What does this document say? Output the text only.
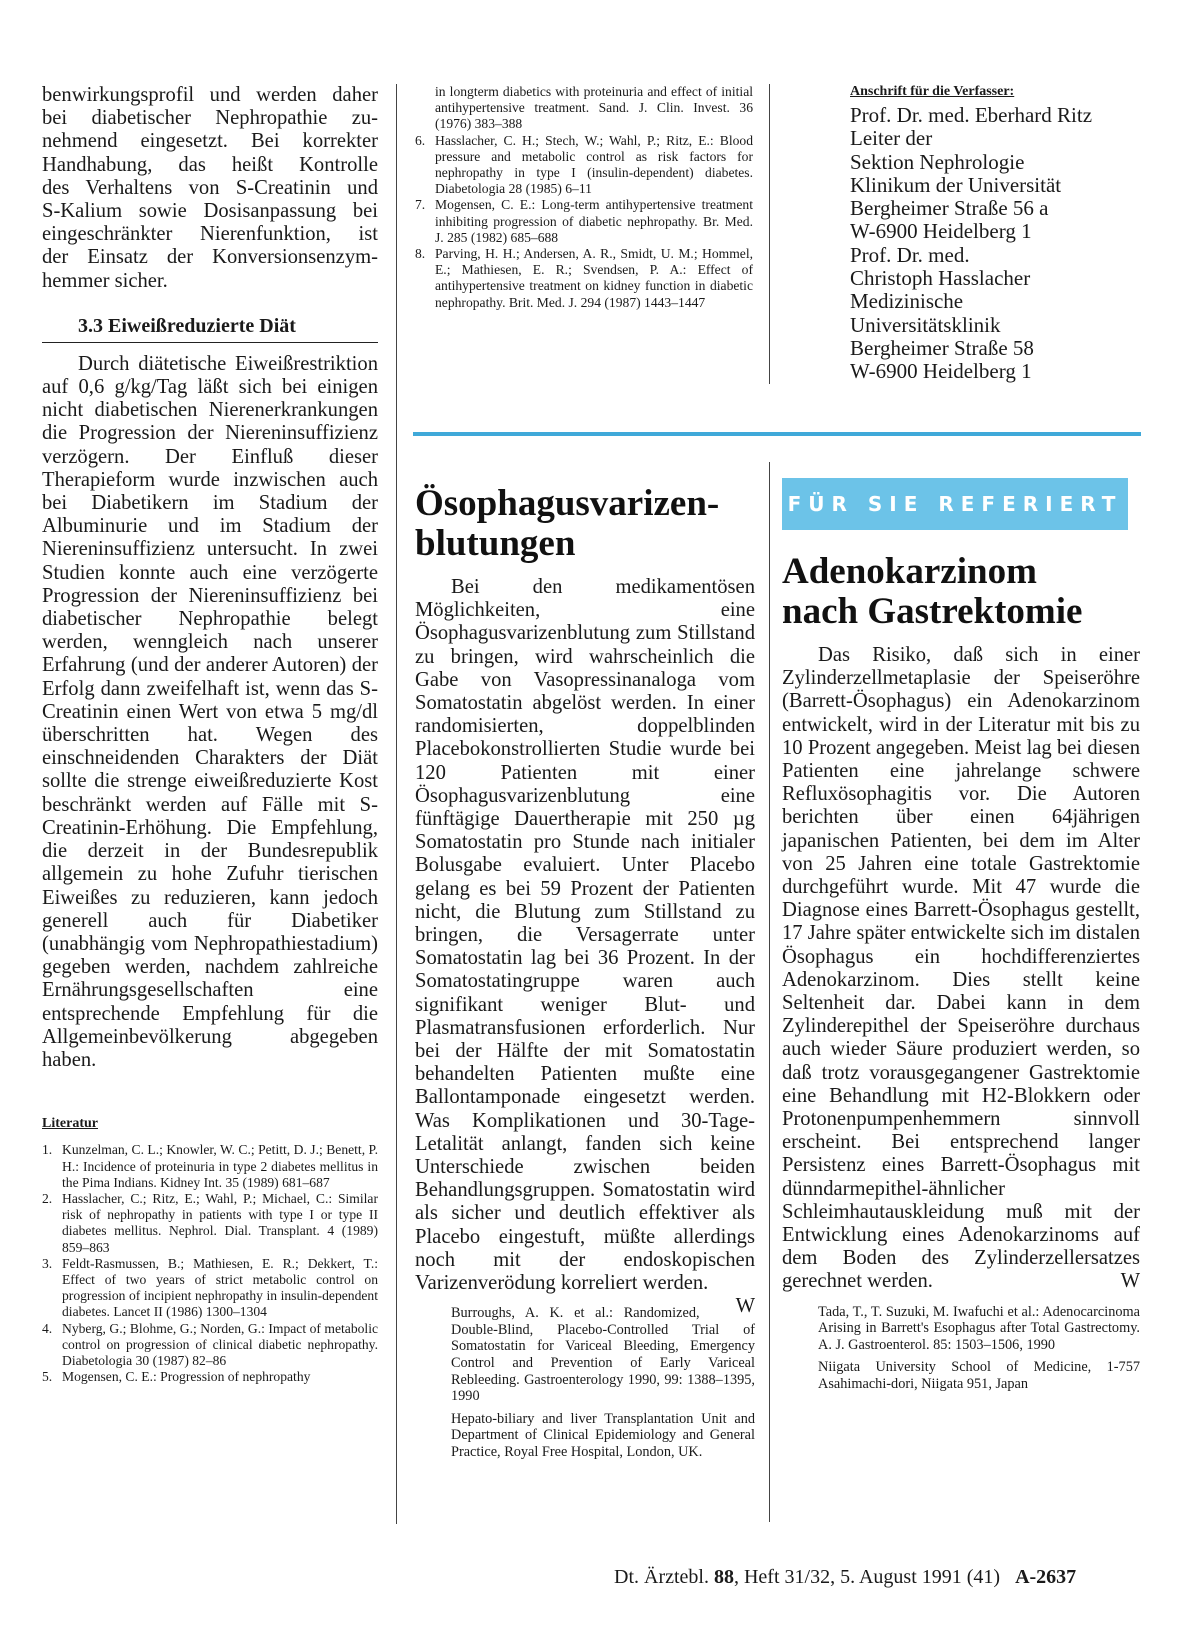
benwirkungsprofil und werden daher
bei diabetischer Nephropathie zu-
nehmend eingesetzt. Bei korrekter
Handhabung, das heißt Kontrolle
des Verhaltens von S-Creatinin und
S-Kalium sowie Dosisanpassung bei
eingeschränkter Nierenfunktion, ist
der Einsatz der Konversionsenzym-
hemmer sicher.

3.3 Eiweißreduzierte Diät

Durch diätetische Eiweißrestriktion auf 0,6 g/kg/Tag läßt sich bei einigen nicht diabetischen Nierenerkrankungen die Progression der Niereninsuffizienz verzögern. Der Einfluß dieser Therapieform wurde inzwischen auch bei Diabetikern im Stadium der Albuminurie und im Stadium der Niereninsuffizienz untersucht. In zwei Studien konnte auch eine verzögerte Progression der Niereninsuffizienz bei diabetischer Nephropathie belegt werden, wenngleich nach unserer Erfahrung (und der anderer Autoren) der Erfolg dann zweifelhaft ist, wenn das S-Creatinin einen Wert von etwa 5 mg/dl überschritten hat. Wegen des einschneidenden Charakters der Diät sollte die strenge eiweißreduzierte Kost beschränkt werden auf Fälle mit S-Creatinin-Erhöhung. Die Empfehlung, die derzeit in der Bundesrepublik allgemein zu hohe Zufuhr tierischen Eiweißes zu reduzieren, kann jedoch generell auch für Diabetiker (unabhängig vom Nephropathiestadium) gegeben werden, nachdem zahlreiche Ernährungsgesellschaften eine entsprechende Empfehlung für die Allgemeinbevölkerung abgegeben haben.

Literatur
1. Kunzelman, C. L.; Knowler, W. C.; Petitt, D. J.; Benett, P. H.: Incidence of proteinuria in type 2 diabetes mellitus in the Pima Indians. Kidney Int. 35 (1989) 681–687
2. Hasslacher, C.; Ritz, E.; Wahl, P.; Michael, C.: Similar risk of nephropathy in patients with type I or type II diabetes mellitus. Nephrol. Dial. Transplant. 4 (1989) 859–863
3. Feldt-Rasmussen, B.; Mathiesen, E. R.; Dekkert, T.: Effect of two years of strict metabolic control on progression of incipient nephropathy in insulin-dependent diabetes. Lancet II (1986) 1300–1304
4. Nyberg, G.; Blohme, G.; Norden, G.: Impact of metabolic control on progression of clinical diabetic nephropathy. Diabetologia 30 (1987) 82–86
5. Mogensen, C. E.: Progression of nephropathy

in longterm diabetics with proteinuria and effect of initial antihypertensive treatment. Sand. J. Clin. Invest. 36 (1976) 383–388

6. Hasslacher, C. H.; Stech, W.; Wahl, P.; Ritz, E.: Blood pressure and metabolic control as risk factors for nephropathy in type I (insulin-dependent) diabetes. Diabetologia 28 (1985) 6–11
7. Mogensen, C. E.: Long-term antihypertensive treatment inhibiting progression of diabetic nephropathy. Br. Med. J. 285 (1982) 685–688
8. Parving, H. H.; Andersen, A. R., Smidt, U. M.; Hommel, E.; Mathiesen, E. R.; Svendsen, P. A.: Effect of antihypertensive treatment on kidney function in diabetic nephropathy. Brit. Med. J. 294 (1987) 1443–1447
Anschrift für die Verfasser:
Prof. Dr. med. Eberhard Ritz
Leiter der
Sektion Nephrologie
Klinikum der Universität
Bergheimer Straße 56 a
W-6900 Heidelberg 1
Prof. Dr. med.
Christoph Hasslacher
Medizinische
Universitätsklinik
Bergheimer Straße 58
W-6900 Heidelberg 1
Ösophagusvarizen-
blutungen

Bei den medikamentösen Möglichkeiten, eine Ösophagusvarizenblutung zum Stillstand zu bringen, wird wahrscheinlich die Gabe von Vasopressinanaloga vom Somatostatin abgelöst werden. In einer randomisierten, doppelblinden Placebokonstrollierten Studie wurde bei 120 Patienten mit einer Ösophagusvarizenblutung eine fünftägige Dauertherapie mit 250 µg Somatostatin pro Stunde nach initialer Bolusgabe evaluiert. Unter Placebo gelang es bei 59 Prozent der Patienten nicht, die Blutung zum Stillstand zu bringen, die Versagerrate unter Somatostatin lag bei 36 Prozent. In der Somatostatingruppe waren auch signifikant weniger Blut- und Plasmatransfusionen erforderlich. Nur bei der Hälfte der mit Somatostatin behandelten Patienten mußte eine Ballontamponade eingesetzt werden. Was Komplikationen und 30-Tage-Letalität anlangt, fanden sich keine Unterschiede zwischen beiden Behandlungsgruppen. Somatostatin wird als sicher und deutlich effektiver als Placebo eingestuft, müßte allerdings noch mit der endoskopischen Varizenverödung korreliert werden.
W

Burroughs, A. K. et al.: Randomized, Double-Blind, Placebo-Controlled Trial of Somatostatin for Variceal Bleeding, Emergency Control and Prevention of Early Variceal Rebleeding. Gastroenterology 1990, 99: 1388–1395, 1990

Hepato-biliary and liver Transplantation Unit and Department of Clinical Epidemiology and General Practice, Royal Free Hospital, London, UK.

FÜR SIE REFERIERT
Adenokarzinom
nach Gastrektomie

Das Risiko, daß sich in einer Zylinderzellmetaplasie der Speiseröhre (Barrett-Ösophagus) ein Adenokarzinom entwickelt, wird in der Literatur mit bis zu 10 Prozent angegeben. Meist lag bei diesen Patienten eine jahrelange schwere Refluxösophagitis vor. Die Autoren berichten über einen 64jährigen japanischen Patienten, bei dem im Alter von 25 Jahren eine totale Gastrektomie durchgeführt wurde. Mit 47 wurde die Diagnose eines Barrett-Ösophagus gestellt, 17 Jahre später entwickelte sich im distalen Ösophagus ein hochdifferenziertes Adenokarzinom. Dies stellt keine Seltenheit dar. Dabei kann in dem Zylinderepithel der Speiseröhre durchaus auch wieder Säure produziert werden, so daß trotz vorausgegangener Gastrektomie eine Behandlung mit H2-Blokkern oder Protonenpumpenhemmern sinnvoll erscheint. Bei entsprechend langer Persistenz eines Barrett-Ösophagus mit dünndarmepithel-ähnlicher Schleimhautauskleidung muß mit der Entwicklung eines Adenokarzinoms auf dem Boden des Zylinderzellersatzes gerechnet werden.	W

Tada, T., T. Suzuki, M. Iwafuchi et al.: Adenocarcinoma Arising in Barrett's Esophagus after Total Gastrectomy. A. J. Gastroenterol. 85: 1503–1506, 1990

Niigata University School of Medicine, 1-757 Asahimachi-dori, Niigata 951, Japan

Dt. Ärztebl. 88, Heft 31/32, 5. August 1991 (41) A-2637
